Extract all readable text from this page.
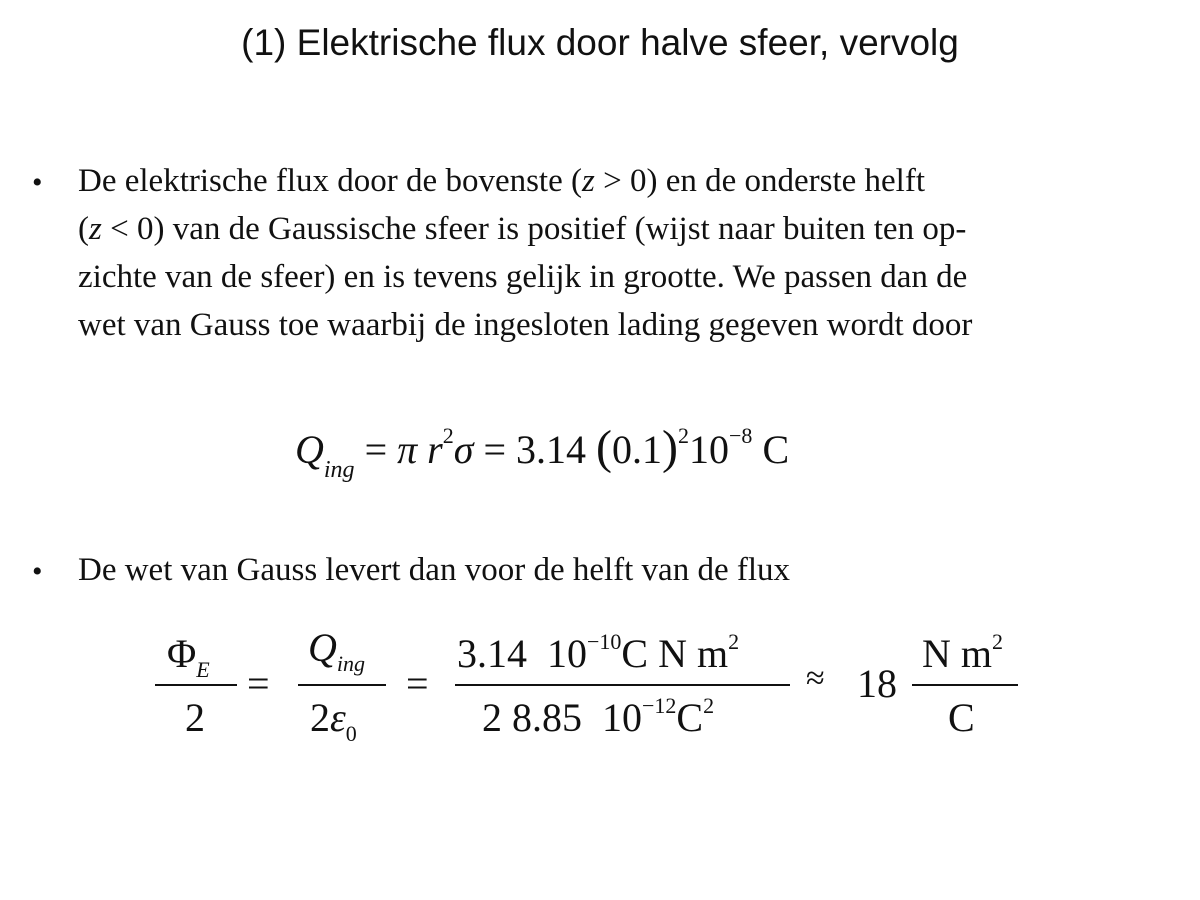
(1) Elektrische flux door halve sfeer, vervolg
• De elektrische flux door de bovenste (z > 0) en de onderste helft
(z < 0) van de Gaussische sfeer is positief (wijst naar buiten ten op-
zichte van de sfeer) en is tevens gelijk in grootte. We passen dan de
wet van Gauss toe waarbij de ingesloten lading gegeven wordt door
$Q_{ing} = \pi$ $r^2\sigma = 3.14$ $(0.1)^210^{-8}$ C
• De wet van Gauss levert dan voor de helft van de flux
$\Phi_E$
2
=
$Q_{ing}$
$2\varepsilon_0$
=
3.14 $10^{-10}C$ N $m^2$
2 8.85 $10^{-12}C^2$
≈ 18
N $m^2$
C
